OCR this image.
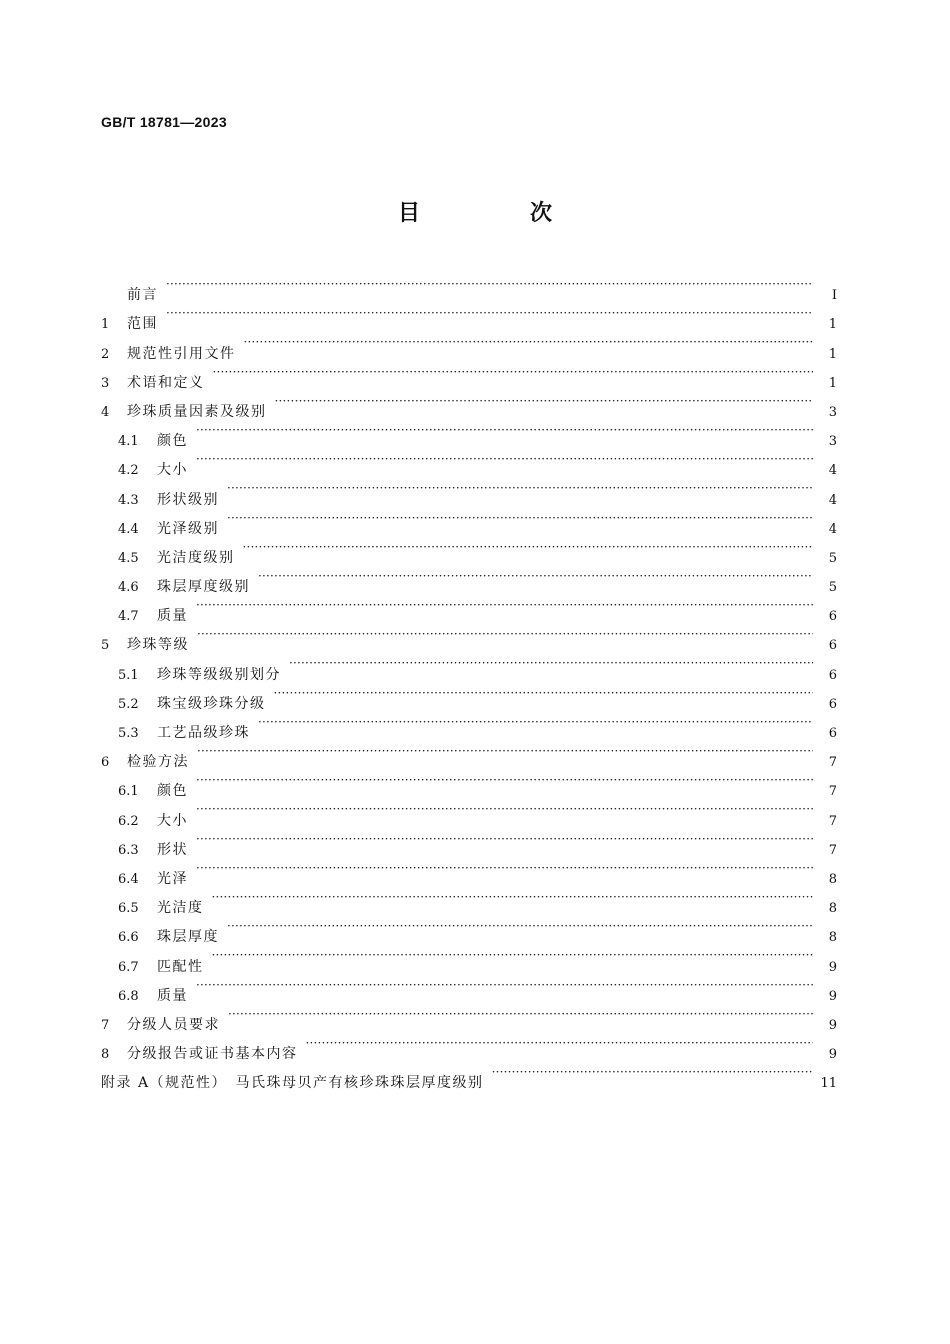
GB/T 18781—2023
目　次
前言 ·····	Ⅰ
1	范围 ·····	1
2	规范性引用文件 ·····	1
3	术语和定义 ·····	1
4	珍珠质量因素及级别 ·····	3
4.1	颜色 ·····	3
4.2	大小 ·····	4
4.3	形状级别 ·····	4
4.4	光泽级别 ·····	4
4.5	光洁度级别 ·····	5
4.6	珠层厚度级别 ·····	5
4.7	质量 ·····	6
5	珍珠等级 ·····	6
5.1	珍珠等级级别划分 ·····	6
5.2	珠宝级珍珠分级 ·····	6
5.3	工艺品级珍珠 ·····	6
6	检验方法 ·····	7
6.1	颜色 ·····	7
6.2	大小 ·····	7
6.3	形状 ·····	7
6.4	光泽 ·····	8
6.5	光洁度 ·····	8
6.6	珠层厚度 ·····	8
6.7	匹配性 ·····	9
6.8	质量 ·····	9
7	分级人员要求 ·····	9
8	分级报告或证书基本内容 ·····	9
附录 A（规范性）　马氏珠母贝产有核珍珠珠层厚度级别 ·····	11
